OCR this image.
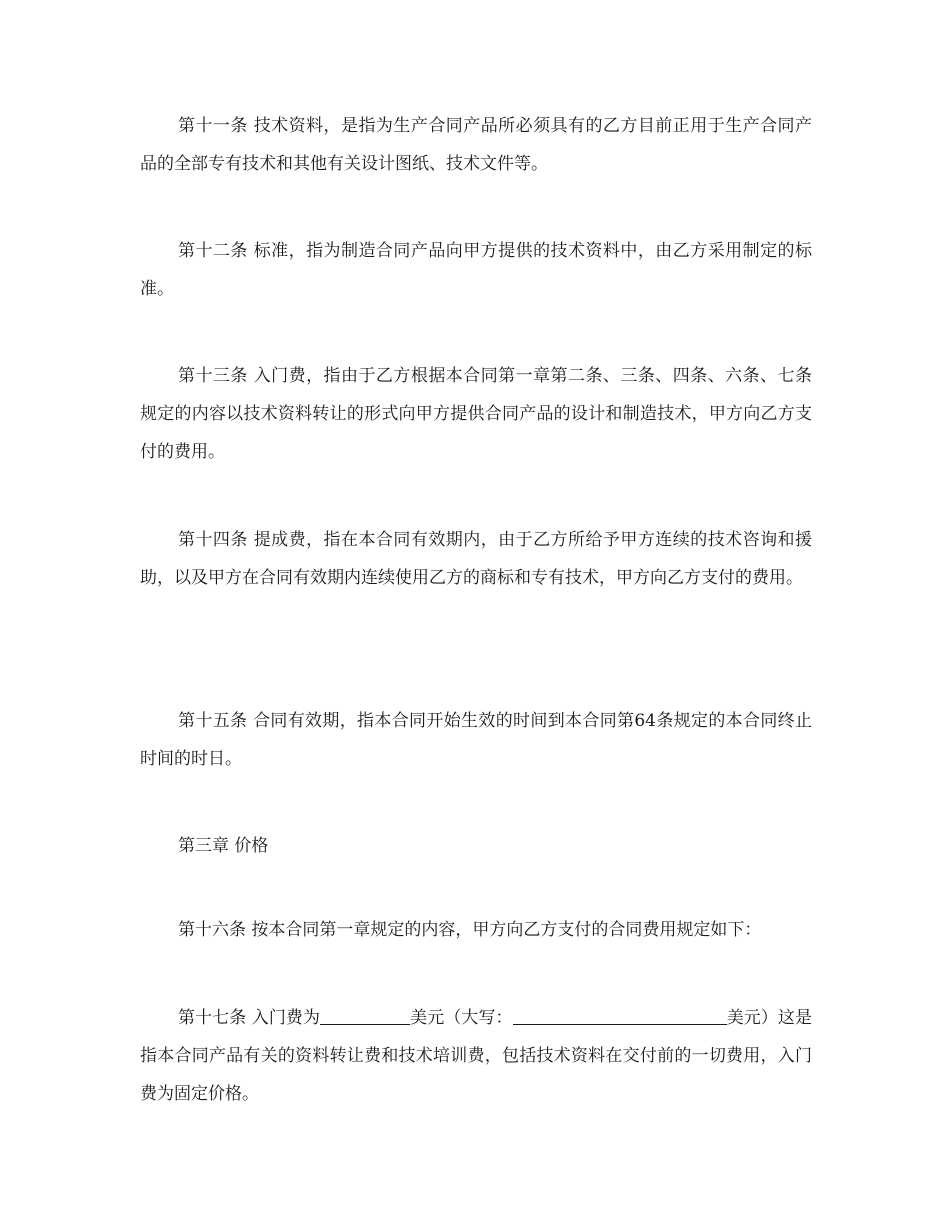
第十一条 技术资料，是指为生产合同产品所必须具有的乙方目前正用于生产合同产品的全部专有技术和其他有关设计图纸、技术文件等。

第十二条 标准，指为制造合同产品向甲方提供的技术资料中，由乙方采用制定的标准。

第十三条 入门费，指由于乙方根据本合同第一章第二条、三条、四条、六条、七条规定的内容以技术资料转让的形式向甲方提供合同产品的设计和制造技术，甲方向乙方支付的费用。

第十四条 提成费，指在本合同有效期内，由于乙方所给予甲方连续的技术咨询和援助，以及甲方在合同有效期内连续使用乙方的商标和专有技术，甲方向乙方支付的费用。

第十五条 合同有效期，指本合同开始生效的时间到本合同第64条规定的本合同终止时间的时日。

第三章 价格

第十六条 按本合同第一章规定的内容，甲方向乙方支付的合同费用规定如下：

第十七条 入门费为	美元（大写：	美元）这是指本合同产品有关的资料转让费和技术培训费，包括技术资料在交付前的一切费用，入门费为固定价格。
